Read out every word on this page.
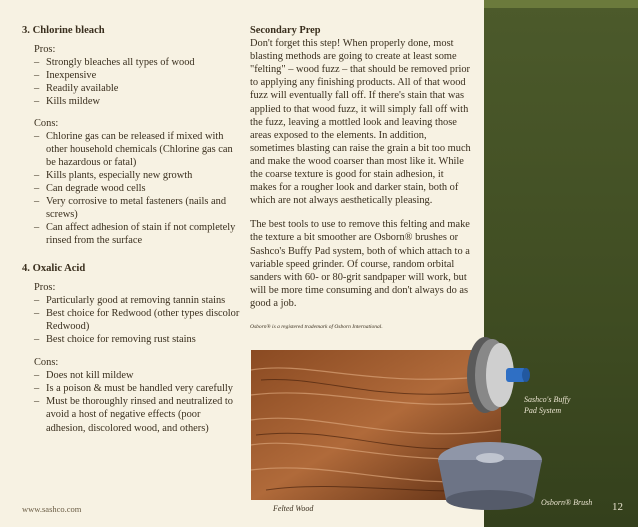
3. Chlorine bleach
Pros:
– Strongly bleaches all types of wood
– Inexpensive
– Readily available
– Kills mildew
Cons:
– Chlorine gas can be released if mixed with other household chemicals (Chlorine gas can be hazardous or fatal)
– Kills plants, especially new growth
– Can degrade wood cells
– Very corrosive to metal fasteners (nails and screws)
– Can affect adhesion of stain if not completely rinsed from the surface
4. Oxalic Acid
Pros:
– Particularly good at removing tannin stains
– Best choice for Redwood (other types discolor Redwood)
– Best choice for removing rust stains
Cons:
– Does not kill mildew
– Is a poison & must be handled very carefully
– Must be thoroughly rinsed and neutralized to avoid a host of negative effects (poor adhesion, discolored wood, and others)
Secondary Prep

Don't forget this step! When properly done, most blasting methods are going to create at least some "felting" – wood fuzz – that should be removed prior to applying any finishing products. All of that wood fuzz will eventually fall off. If there's stain that was applied to that wood fuzz, it will simply fall off with the fuzz, leaving a mottled look and leaving those areas exposed to the elements. In addition, sometimes blasting can raise the grain a bit too much and make the wood coarser than most like it. While the coarse texture is good for stain adhesion, it makes for a rougher look and darker stain, both of which are not always aesthetically pleasing.

The best tools to use to remove this felting and make the texture a bit smoother are Osborn® brushes or Sashco's Buffy Pad system, both of which attach to a variable speed grinder. Of course, random orbital sanders with 60- or 80-grit sandpaper will work, but will be more time consuming and don't always do as good a job.

Osborn® is a registered trademark of Osborn International.
Felted Wood
Sashco's Buffy Pad System
Osborn® Brush
www.sashco.com	12
